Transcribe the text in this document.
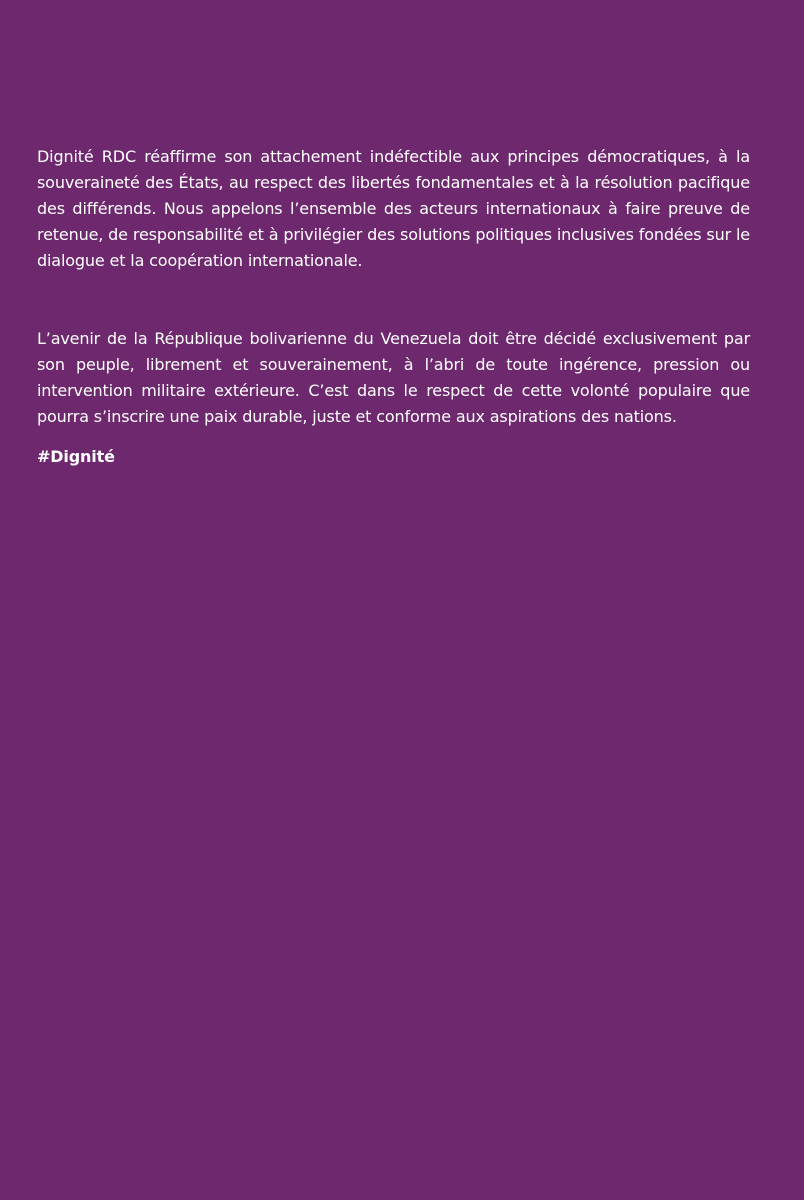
Dignité RDC réaffirme son attachement indéfectible aux principes démocratiques, à la souveraineté des États, au respect des libertés fondamentales et à la résolution pacifique des différends. Nous appelons l’ensemble des acteurs internationaux à faire preuve de retenue, de responsabilité et à privilégier des solutions politiques inclusives fondées sur le dialogue et la coopération internationale.

L’avenir de la République bolivarienne du Venezuela doit être décidé exclusivement par son peuple, librement et souverainement, à l’abri de toute ingérence, pression ou intervention militaire extérieure. C’est dans le respect de cette volonté populaire que pourra s’inscrire une paix durable, juste et conforme aux aspirations des nations.

#Dignité
